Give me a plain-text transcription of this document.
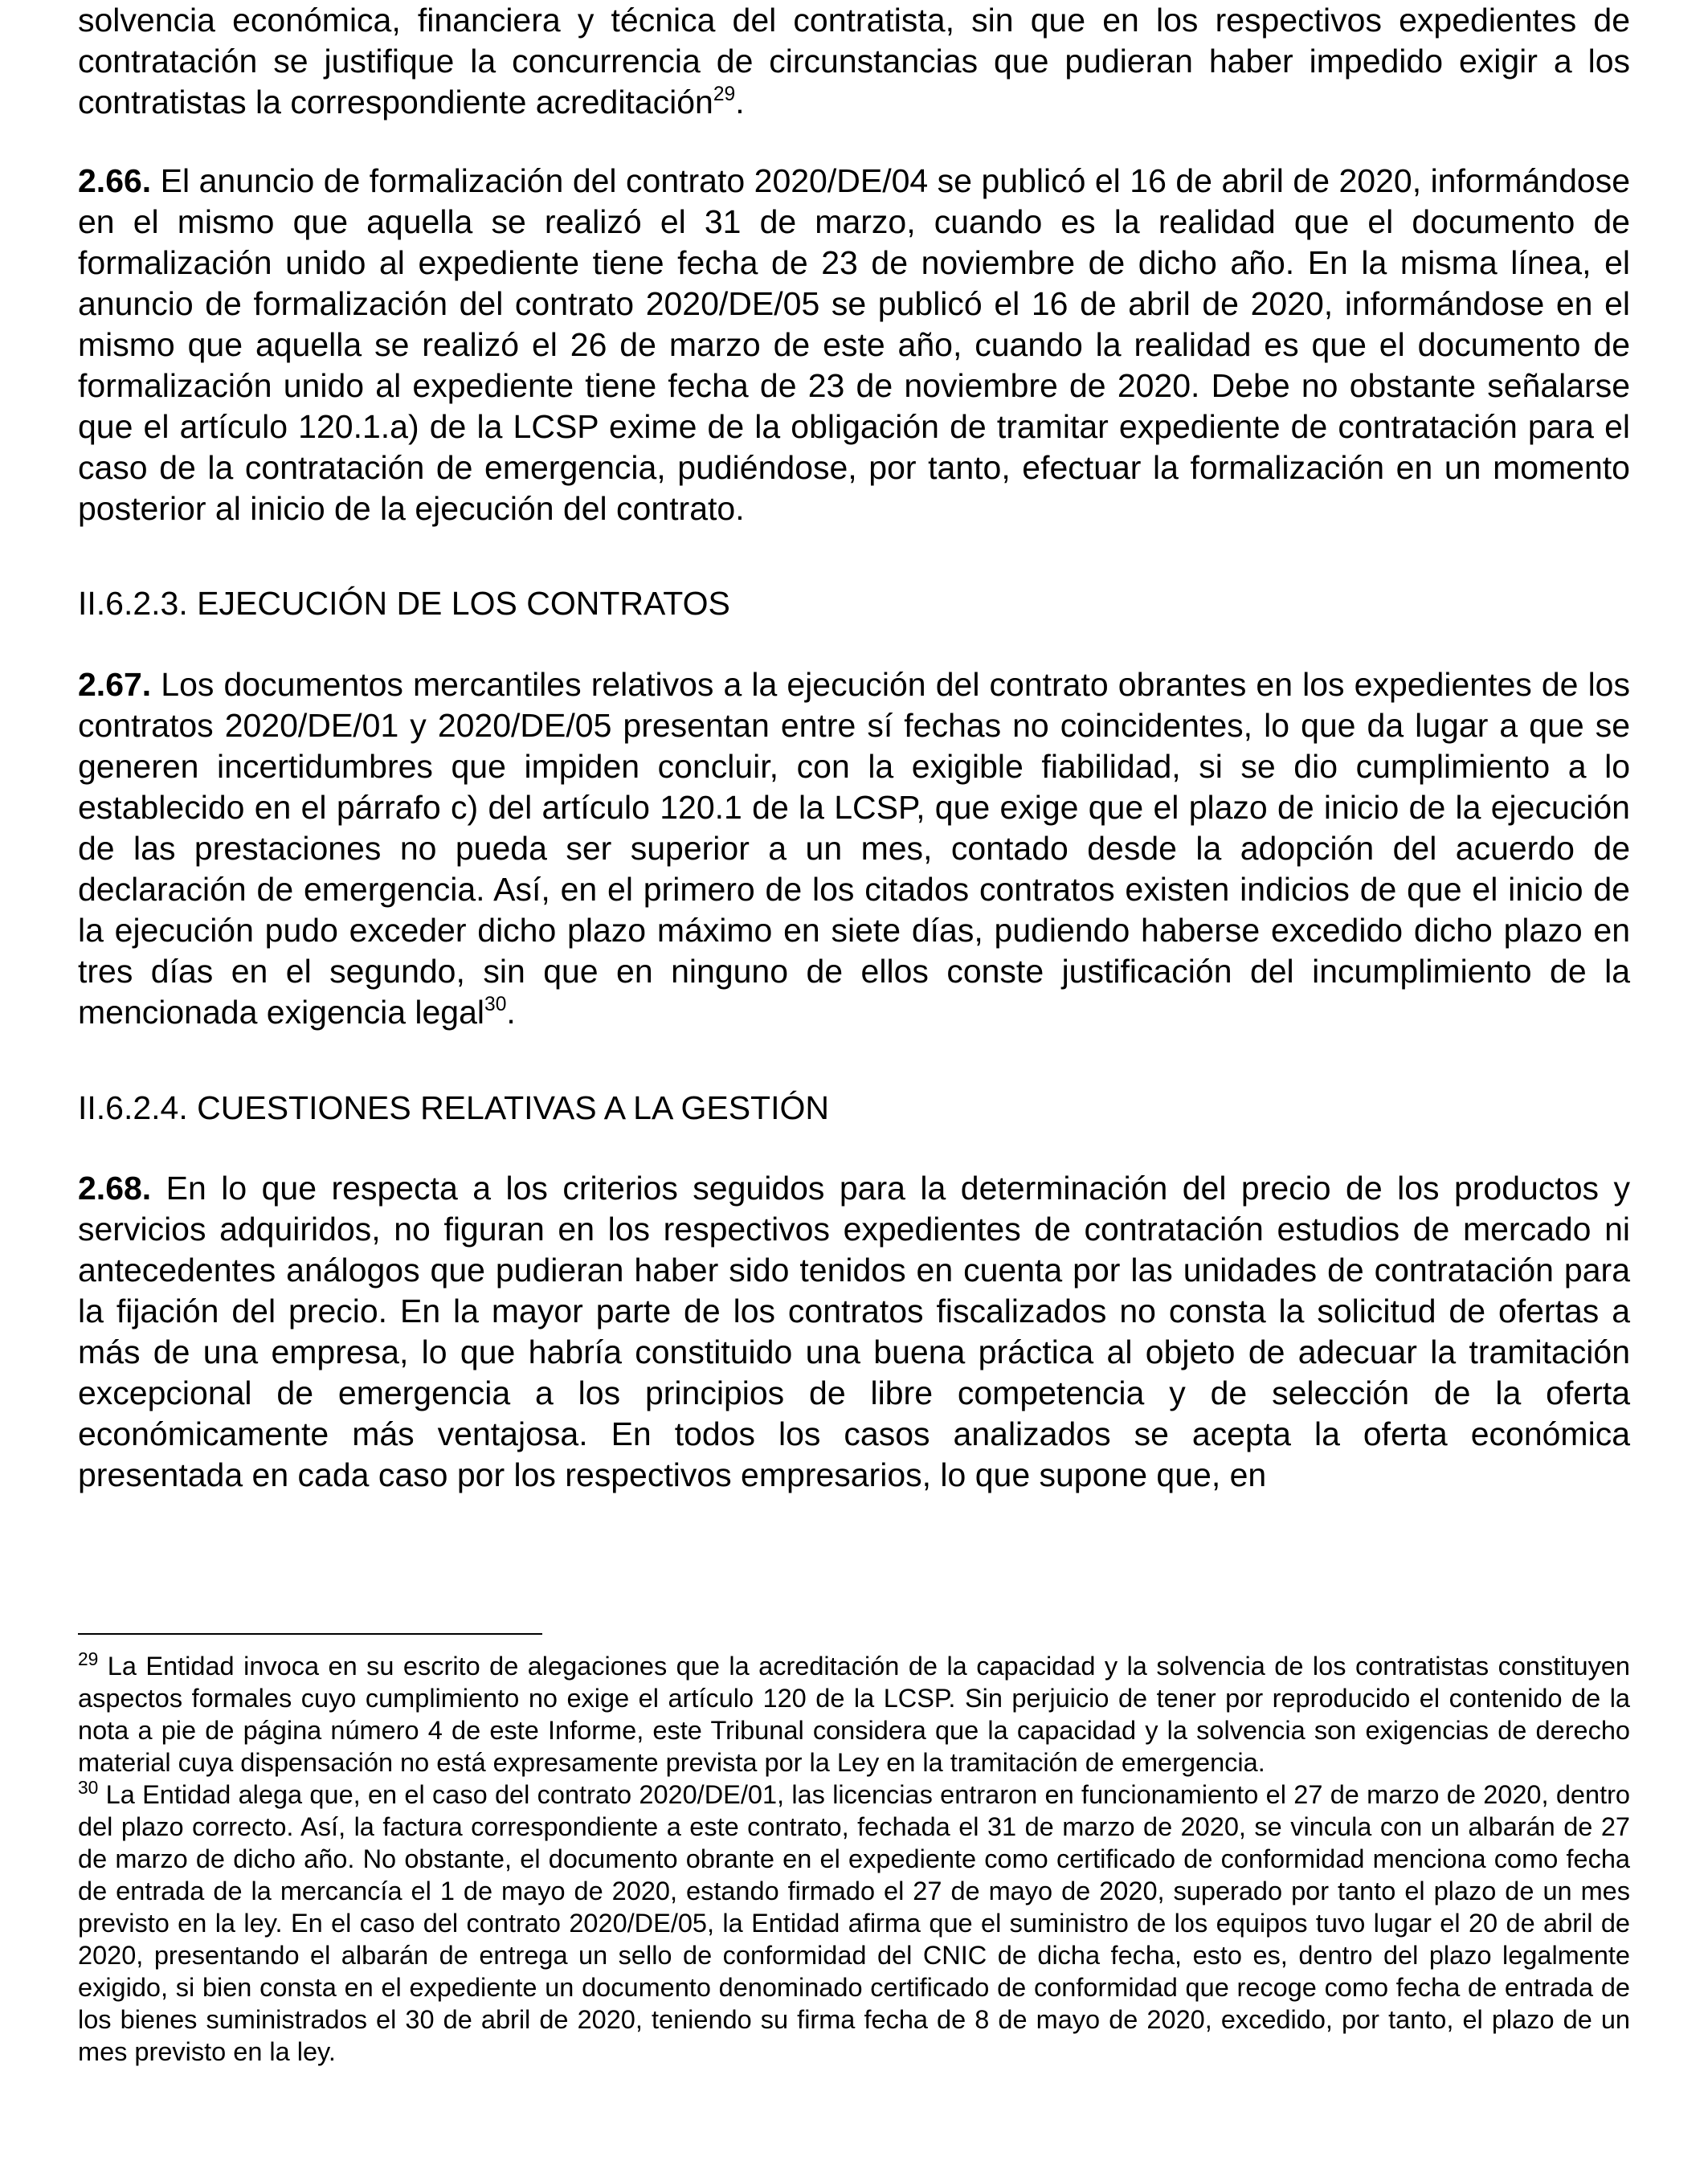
solvencia económica, financiera y técnica del contratista, sin que en los respectivos expedientes de contratación se justifique la concurrencia de circunstancias que pudieran haber impedido exigir a los contratistas la correspondiente acreditación$^{29}$.

2.66. El anuncio de formalización del contrato 2020/DE/04 se publicó el 16 de abril de 2020, informándose en el mismo que aquella se realizó el 31 de marzo, cuando es la realidad que el documento de formalización unido al expediente tiene fecha de 23 de noviembre de dicho año. En la misma línea, el anuncio de formalización del contrato 2020/DE/05 se publicó el 16 de abril de 2020, informándose en el mismo que aquella se realizó el 26 de marzo de este año, cuando la realidad es que el documento de formalización unido al expediente tiene fecha de 23 de noviembre de 2020. Debe no obstante señalarse que el artículo 120.1.a) de la LCSP exime de la obligación de tramitar expediente de contratación para el caso de la contratación de emergencia, pudiéndose, por tanto, efectuar la formalización en un momento posterior al inicio de la ejecución del contrato.

II.6.2.3. EJECUCIÓN DE LOS CONTRATOS

2.67. Los documentos mercantiles relativos a la ejecución del contrato obrantes en los expedientes de los contratos 2020/DE/01 y 2020/DE/05 presentan entre sí fechas no coincidentes, lo que da lugar a que se generen incertidumbres que impiden concluir, con la exigible fiabilidad, si se dio cumplimiento a lo establecido en el párrafo c) del artículo 120.1 de la LCSP, que exige que el plazo de inicio de la ejecución de las prestaciones no pueda ser superior a un mes, contado desde la adopción del acuerdo de declaración de emergencia. Así, en el primero de los citados contratos existen indicios de que el inicio de la ejecución pudo exceder dicho plazo máximo en siete días, pudiendo haberse excedido dicho plazo en tres días en el segundo, sin que en ninguno de ellos conste justificación del incumplimiento de la mencionada exigencia legal$^{30}$.

II.6.2.4. CUESTIONES RELATIVAS A LA GESTIÓN

2.68. En lo que respecta a los criterios seguidos para la determinación del precio de los productos y servicios adquiridos, no figuran en los respectivos expedientes de contratación estudios de mercado ni antecedentes análogos que pudieran haber sido tenidos en cuenta por las unidades de contratación para la fijación del precio. En la mayor parte de los contratos fiscalizados no consta la solicitud de ofertas a más de una empresa, lo que habría constituido una buena práctica al objeto de adecuar la tramitación excepcional de emergencia a los principios de libre competencia y de selección de la oferta económicamente más ventajosa. En todos los casos analizados se acepta la oferta económica presentada en cada caso por los respectivos empresarios, lo que supone que, en

$^{29}$ La Entidad invoca en su escrito de alegaciones que la acreditación de la capacidad y la solvencia de los contratistas constituyen aspectos formales cuyo cumplimiento no exige el artículo 120 de la LCSP. Sin perjuicio de tener por reproducido el contenido de la nota a pie de página número 4 de este Informe, este Tribunal considera que la capacidad y la solvencia son exigencias de derecho material cuya dispensación no está expresamente prevista por la Ley en la tramitación de emergencia.

$^{30}$ La Entidad alega que, en el caso del contrato 2020/DE/01, las licencias entraron en funcionamiento el 27 de marzo de 2020, dentro del plazo correcto. Así, la factura correspondiente a este contrato, fechada el 31 de marzo de 2020, se vincula con un albarán de 27 de marzo de dicho año. No obstante, el documento obrante en el expediente como certificado de conformidad menciona como fecha de entrada de la mercancía el 1 de mayo de 2020, estando firmado el 27 de mayo de 2020, superado por tanto el plazo de un mes previsto en la ley. En el caso del contrato 2020/DE/05, la Entidad afirma que el suministro de los equipos tuvo lugar el 20 de abril de 2020, presentando el albarán de entrega un sello de conformidad del CNIC de dicha fecha, esto es, dentro del plazo legalmente exigido, si bien consta en el expediente un documento denominado certificado de conformidad que recoge como fecha de entrada de los bienes suministrados el 30 de abril de 2020, teniendo su firma fecha de 8 de mayo de 2020, excedido, por tanto, el plazo de un mes previsto en la ley.
